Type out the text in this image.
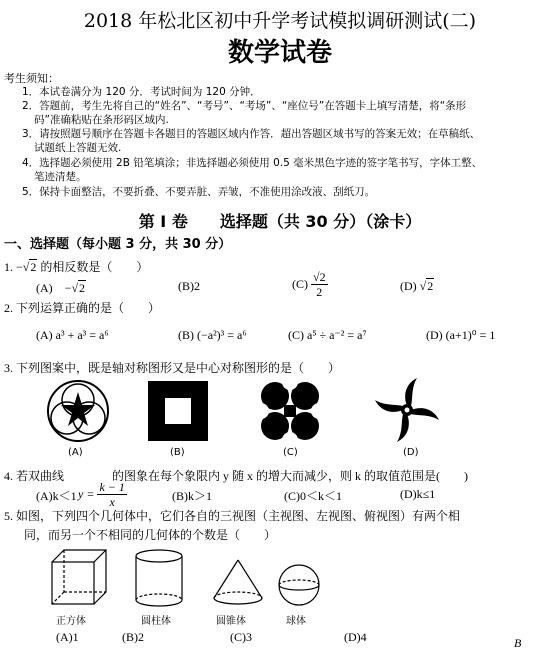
2018 年松北区初中升学考试模拟调研测试(二)
数学试卷
考生须知：
1．本试卷满分为 120 分．考试时间为 120 分钟．
2．答题前，考生先将自己的“姓名”、“考号”、“考场”、“座位号”在答题卡上填写清楚，将“条形
码”准确粘贴在条形码区域内.
3．请按照题号顺序在答题卡各题目的答题区域内作答．超出答题区域书写的答案无效；在草稿纸、
试题纸上答题无效.
4．选择题必须使用 2B 铅笔填涂；非选择题必须使用 0.5 毫米黑色字迹的签字笔书写，字体工整、
笔迹清楚。
5．保持卡面整洁，不要折叠、不要弄脏、弄皱，不准使用涂改液、刮纸刀。
第 Ⅰ 卷　　选择题（共 30 分）（涂卡）
一、选择题（每小题 3 分，共 30 分）
1. −√2 的相反数是（　　）
(A)　−√2	(B)2	$(C) \frac{√2}{2}$	(D) √2
2. 下列运算正确的是（　　）
(A) a³ + a³ = a⁶	(B) (−a²)³ = a⁶	(C) a⁵ ÷ a⁻² = a⁷	(D) (a+1)⁰ = 1
3. 下列图案中，既是轴对称图形又是中心对称图形的是（　　）
(A)	(B)	(C)	(D)
4. 若双曲线　　　　的图象在每个象限内 y 随 x 的增大而减少，则 k 的取值范围是(　　)
$y = \frac{k - 1}{x}$
(A)k＜1	(B)k＞1	(C)0＜k＜1	(D)k≤1
5. 如图，下列四个几何体中，它们各自的三视图（主视图、左视图、俯视图）有两个相
同，而另一个不相同的几何体的个数是（　　）
正方体	圆柱体	圆锥体	球体
(A)1	(B)2	(C)3	(D)4	B
